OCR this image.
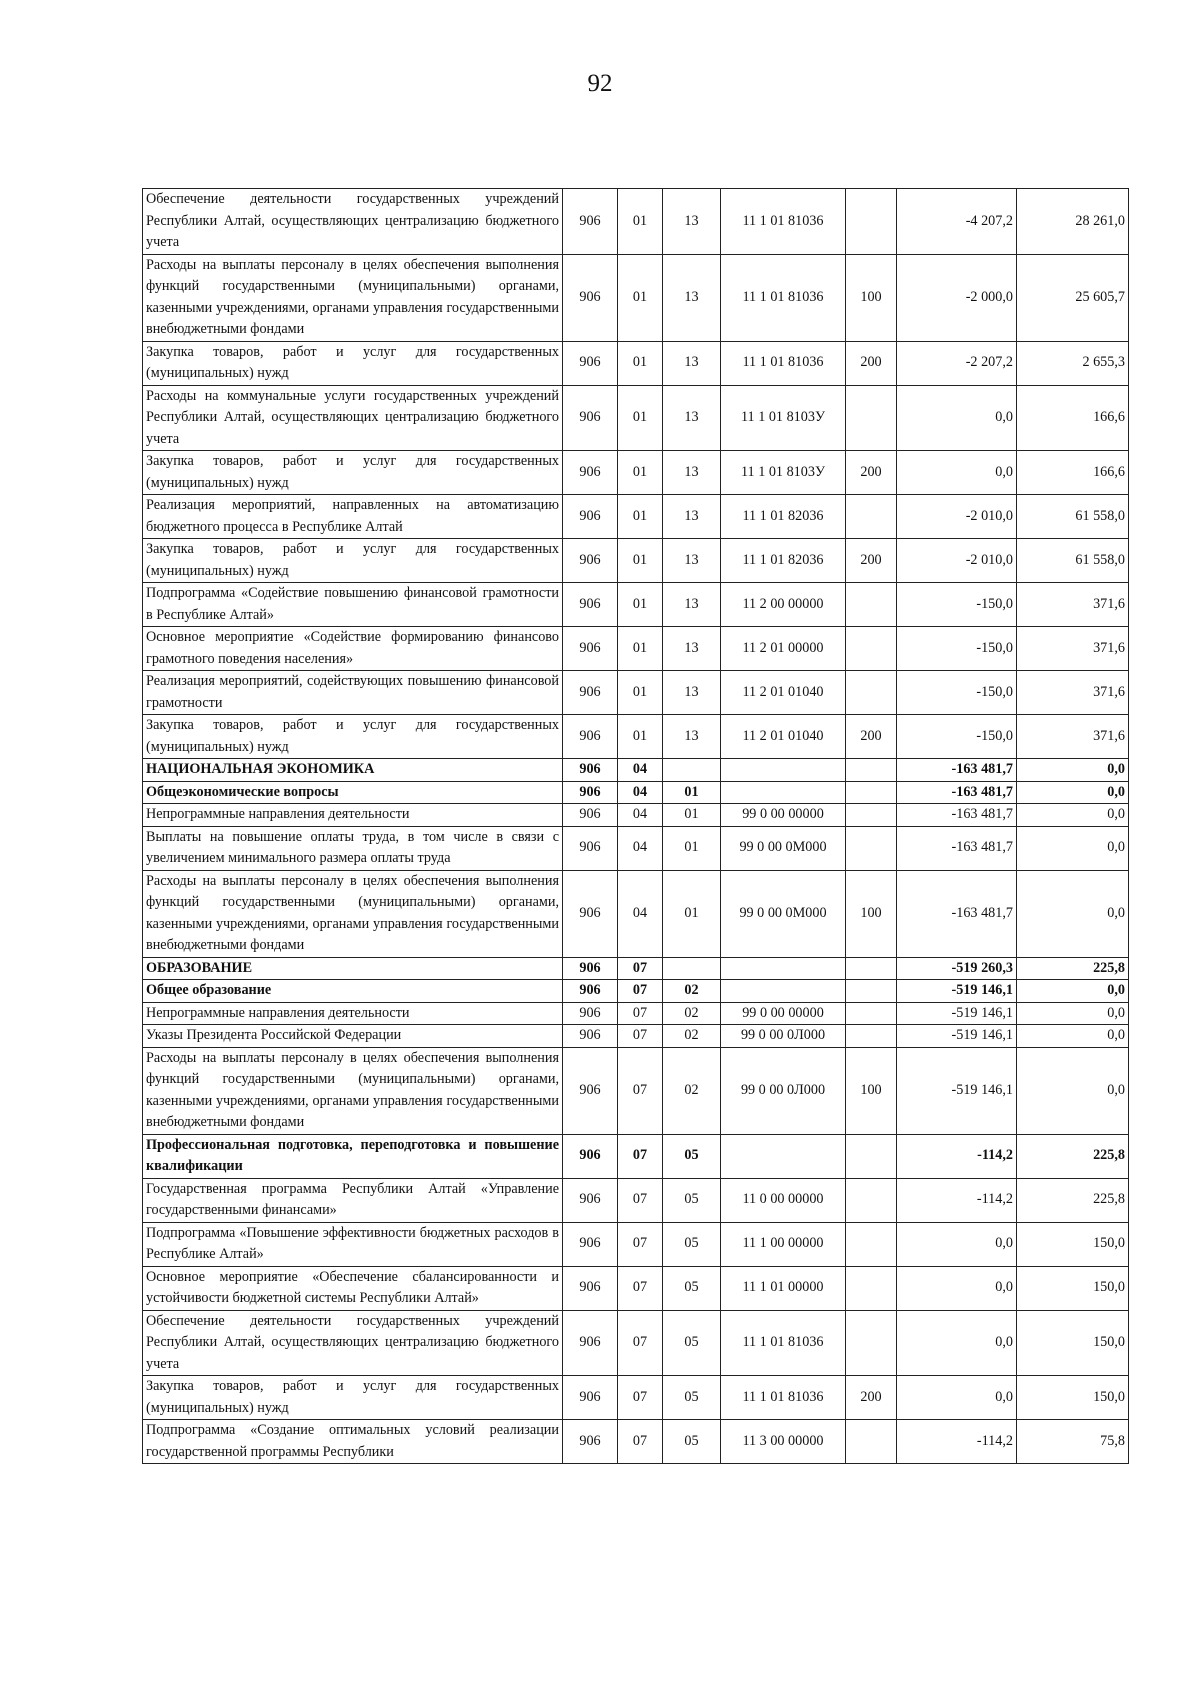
92
Обеспечение деятельности государственных учреждений Республики Алтай, осуществляющих централизацию бюджетного учета	906	01	13	11 1 01 81036		-4 207,2	28 261,0
Расходы на выплаты персоналу в целях обеспечения выполнения функций государственными (муниципальными) органами, казенными учреждениями, органами управления государственными внебюджетными фондами	906	01	13	11 1 01 81036	100	-2 000,0	25 605,7
Закупка товаров, работ и услуг для государственных (муниципальных) нужд	906	01	13	11 1 01 81036	200	-2 207,2	2 655,3
Расходы на коммунальные услуги государственных учреждений Республики Алтай, осуществляющих централизацию бюджетного учета	906	01	13	11 1 01 8103У		0,0	166,6
Закупка товаров, работ и услуг для государственных (муниципальных) нужд	906	01	13	11 1 01 8103У	200	0,0	166,6
Реализация мероприятий, направленных на автоматизацию бюджетного процесса в Республике Алтай	906	01	13	11 1 01 82036		-2 010,0	61 558,0
Закупка товаров, работ и услуг для государственных (муниципальных) нужд	906	01	13	11 1 01 82036	200	-2 010,0	61 558,0
Подпрограмма «Содействие повышению финансовой грамотности в Республике Алтай»	906	01	13	11 2 00 00000		-150,0	371,6
Основное мероприятие «Содействие формированию финансово грамотного поведения населения»	906	01	13	11 2 01 00000		-150,0	371,6
Реализация мероприятий, содействующих повышению финансовой грамотности	906	01	13	11 2 01 01040		-150,0	371,6
Закупка товаров, работ и услуг для государственных (муниципальных) нужд	906	01	13	11 2 01 01040	200	-150,0	371,6
НАЦИОНАЛЬНАЯ ЭКОНОМИКА	906	04				-163 481,7	0,0
Общеэкономические вопросы	906	04	01			-163 481,7	0,0
Непрограммные направления деятельности	906	04	01	99 0 00 00000		-163 481,7	0,0
Выплаты на повышение оплаты труда, в том числе в связи с увеличением минимального размера оплаты труда	906	04	01	99 0 00 0М000		-163 481,7	0,0
Расходы на выплаты персоналу в целях обеспечения выполнения функций государственными (муниципальными) органами, казенными учреждениями, органами управления государственными внебюджетными фондами	906	04	01	99 0 00 0М000	100	-163 481,7	0,0
ОБРАЗОВАНИЕ	906	07				-519 260,3	225,8
Общее образование	906	07	02			-519 146,1	0,0
Непрограммные направления деятельности	906	07	02	99 0 00 00000		-519 146,1	0,0
Указы Президента Российской Федерации	906	07	02	99 0 00 0Л000		-519 146,1	0,0
Расходы на выплаты персоналу в целях обеспечения выполнения функций государственными (муниципальными) органами, казенными учреждениями, органами управления государственными внебюджетными фондами	906	07	02	99 0 00 0Л000	100	-519 146,1	0,0
Профессиональная подготовка, переподготовка и повышение квалификации	906	07	05			-114,2	225,8
Государственная программа Республики Алтай «Управление государственными финансами»	906	07	05	11 0 00 00000		-114,2	225,8
Подпрограмма «Повышение эффективности бюджетных расходов в Республике Алтай»	906	07	05	11 1 00 00000		0,0	150,0
Основное мероприятие «Обеспечение сбалансированности и устойчивости бюджетной системы Республики Алтай»	906	07	05	11 1 01 00000		0,0	150,0
Обеспечение деятельности государственных учреждений Республики Алтай, осуществляющих централизацию бюджетного учета	906	07	05	11 1 01 81036		0,0	150,0
Закупка товаров, работ и услуг для государственных (муниципальных) нужд	906	07	05	11 1 01 81036	200	0,0	150,0
Подпрограмма «Создание оптимальных условий реализации государственной программы Республики	906	07	05	11 3 00 00000		-114,2	75,8
